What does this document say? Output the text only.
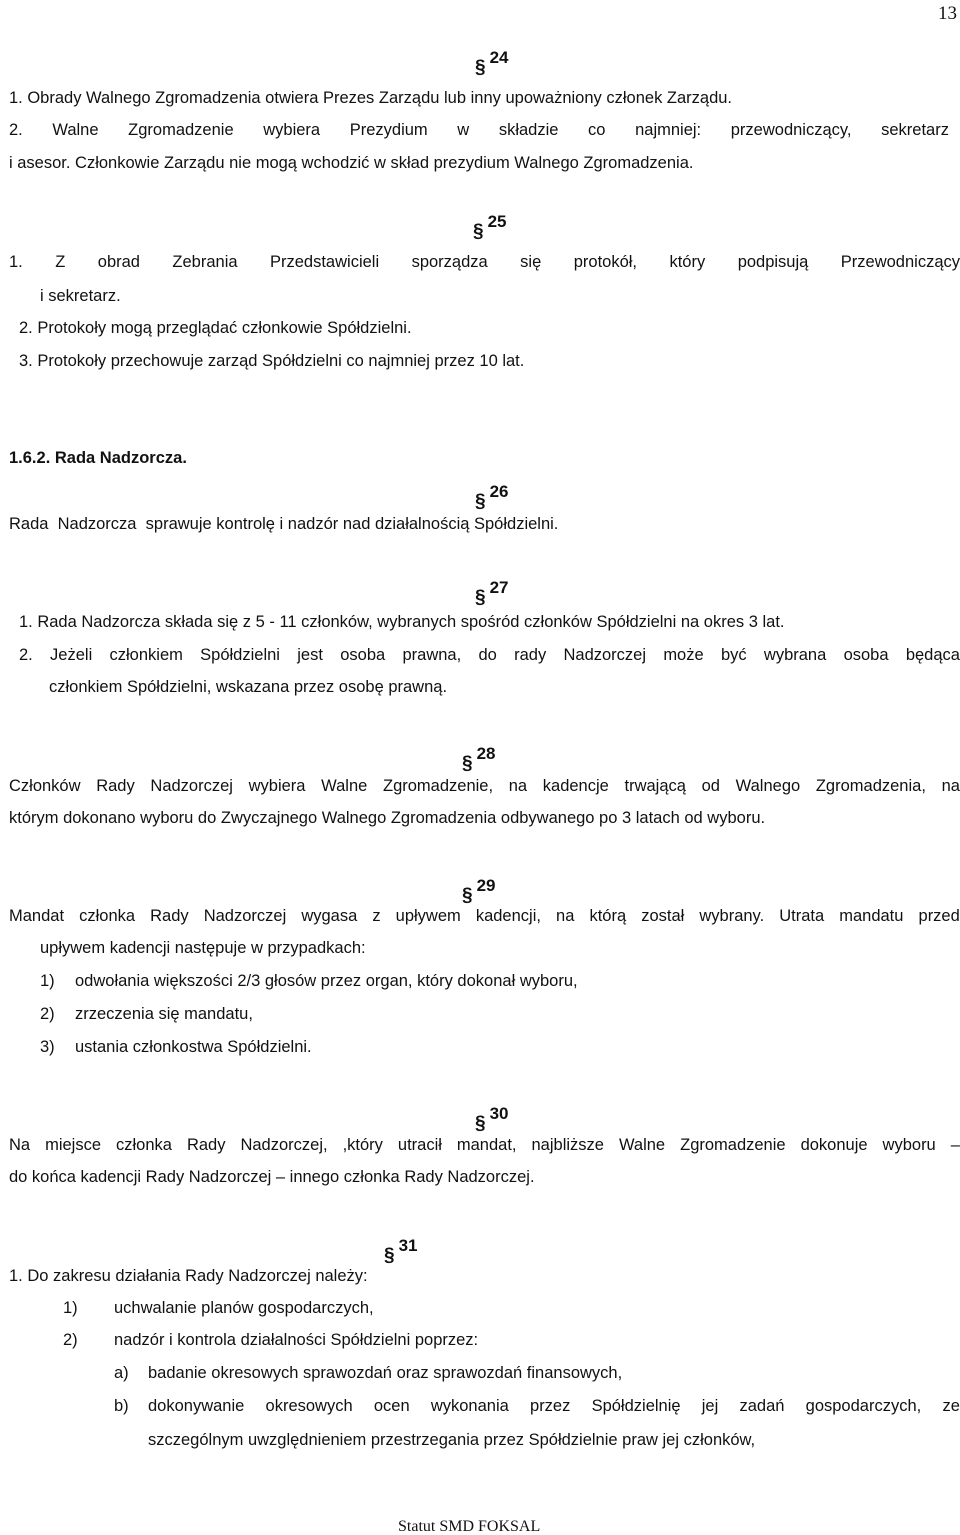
13
§ 24
1. Obrady Walnego Zgromadzenia otwiera Prezes Zarządu lub inny upoważniony członek Zarządu.
2. Walne Zgromadzenie wybiera Prezydium w składzie co najmniej: przewodniczący, sekretarz
i asesor. Członkowie Zarządu nie mogą wchodzić w skład prezydium Walnego Zgromadzenia.
§ 25
1. Z obrad Zebrania Przedstawicieli sporządza się protokół, który podpisują Przewodniczący
i sekretarz.
2. Protokoły mogą przeglądać członkowie Spółdzielni.
3. Protokoły przechowuje zarząd Spółdzielni co najmniej przez 10 lat.
1.6.2. Rada Nadzorcza.
§ 26
Rada  Nadzorcza  sprawuje kontrolę i nadzór nad działalnością Spółdzielni.
§ 27
1. Rada Nadzorcza składa się z 5 - 11 członków, wybranych spośród członków Spółdzielni na okres 3 lat.
2. Jeżeli członkiem Spółdzielni jest osoba prawna, do rady Nadzorczej może być wybrana osoba będąca
członkiem Spółdzielni, wskazana przez osobę prawną.
§ 28
Członków Rady Nadzorczej wybiera Walne Zgromadzenie, na kadencje trwającą od Walnego Zgromadzenia, na
którym dokonano wyboru do Zwyczajnego Walnego Zgromadzenia odbywanego po 3 latach od wyboru.
§ 29
Mandat członka Rady Nadzorczej wygasa z upływem kadencji, na którą został wybrany. Utrata mandatu przed
upływem kadencji następuje w przypadkach:
1) odwołania większości 2/3 głosów przez organ, który dokonał wyboru,
2) zrzeczenia się mandatu,
3) ustania członkostwa Spółdzielni.
§ 30
Na miejsce członka Rady Nadzorczej, ,który utracił mandat, najbliższe Walne Zgromadzenie dokonuje wyboru –
do końca kadencji Rady Nadzorczej – innego członka Rady Nadzorczej.
§ 31
1. Do zakresu działania Rady Nadzorczej należy:
1) uchwalanie planów gospodarczych,
2) nadzór i kontrola działalności Spółdzielni poprzez:
a) badanie okresowych sprawozdań oraz sprawozdań finansowych,
b) dokonywanie okresowych ocen wykonania przez Spółdzielnię jej zadań gospodarczych, ze
szczególnym uwzględnieniem przestrzegania przez Spółdzielnie praw jej członków,
Statut SMD FOKSAL
